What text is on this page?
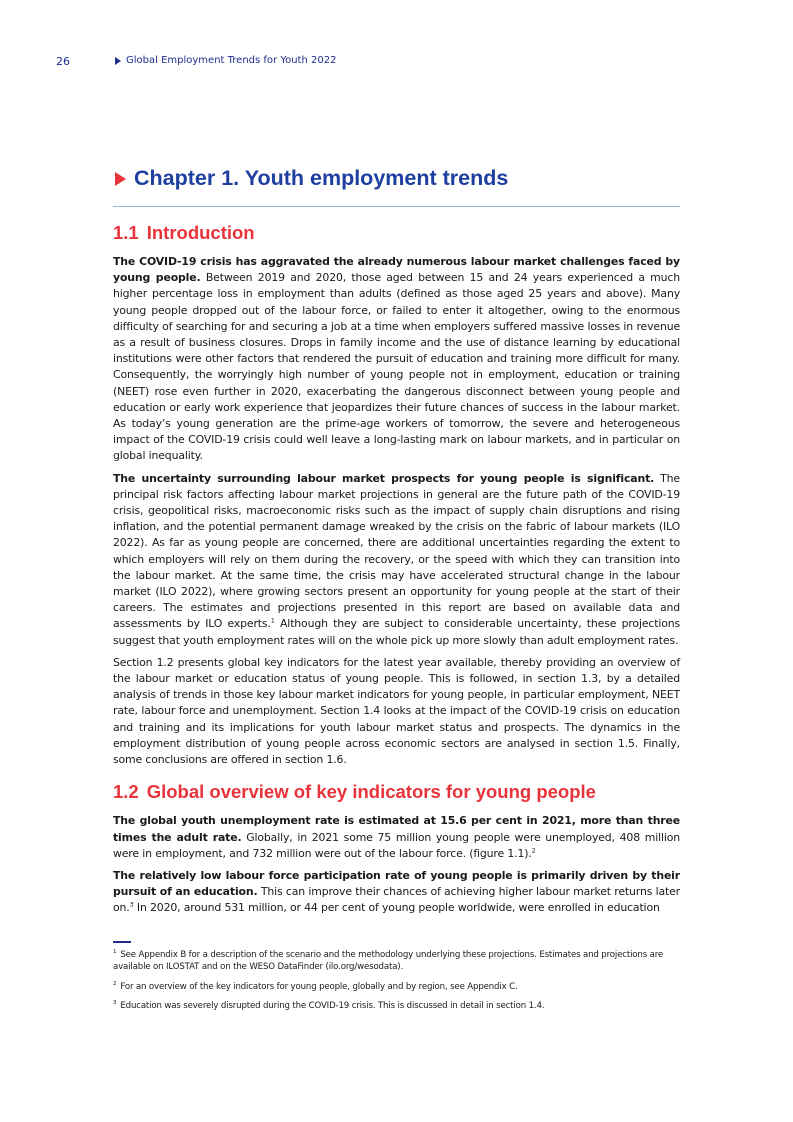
26	Global Employment Trends for Youth 2022
Chapter 1. Youth employment trends
1.1 Introduction

The COVID-19 crisis has aggravated the already numerous labour market challenges faced by young people. Between 2019 and 2020, those aged between 15 and 24 years experienced a much higher percentage loss in employment than adults (defined as those aged 25 years and above). Many young people dropped out of the labour force, or failed to enter it altogether, owing to the enormous difficulty of searching for and securing a job at a time when employers suffered massive losses in revenue as a result of business closures. Drops in family income and the use of distance learning by educational institutions were other factors that rendered the pursuit of education and training more difficult for many. Consequently, the worryingly high number of young people not in employment, education or training (NEET) rose even further in 2020, exacerbating the dangerous disconnect between young people and education or early work experience that jeopardizes their future chances of success in the labour market. As today’s young generation are the prime-age workers of tomorrow, the severe and heterogeneous impact of the COVID-19 crisis could well leave a long-lasting mark on labour markets, and in particular on global inequality.

The uncertainty surrounding labour market prospects for young people is significant. The principal risk factors affecting labour market projections in general are the future path of the COVID-19 crisis, geopolitical risks, macroeconomic risks such as the impact of supply chain disruptions and rising inflation, and the potential permanent damage wreaked by the crisis on the fabric of labour markets (ILO 2022). As far as young people are concerned, there are additional uncertainties regarding the extent to which employers will rely on them during the recovery, or the speed with which they can transition into the labour market. At the same time, the crisis may have accelerated structural change in the labour market (ILO 2022), where growing sectors present an opportunity for young people at the start of their careers. The estimates and projections presented in this report are based on available data and assessments by ILO experts.$^1$ Although they are subject to considerable uncertainty, these projections suggest that youth employment rates will on the whole pick up more slowly than adult employment rates.

Section 1.2 presents global key indicators for the latest year available, thereby providing an overview of the labour market or education status of young people. This is followed, in section 1.3, by a detailed analysis of trends in those key labour market indicators for young people, in particular employment, NEET rate, labour force and unemployment. Section 1.4 looks at the impact of the COVID-19 crisis on education and training and its implications for youth labour market status and prospects. The dynamics in the employment distribution of young people across economic sectors are analysed in section 1.5. Finally, some conclusions are offered in section 1.6.

1.2 Global overview of key indicators for young people

The global youth unemployment rate is estimated at 15.6 per cent in 2021, more than three times the adult rate. Globally, in 2021 some 75 million young people were unemployed, 408 million were in employment, and 732 million were out of the labour force. (figure 1.1).$^2$

The relatively low labour force participation rate of young people is primarily driven by their pursuit of an education. This can improve their chances of achieving higher labour market returns later on.$^3$ In 2020, around 531 million, or 44 per cent of young people worldwide, were enrolled in education

$^1$ See Appendix B for a description of the scenario and the methodology underlying these projections. Estimates and projections are available on ILOSTAT and on the WESO DataFinder (ilo.org/wesodata).

$^2$ For an overview of the key indicators for young people, globally and by region, see Appendix C.

$^3$ Education was severely disrupted during the COVID-19 crisis. This is discussed in detail in section 1.4.
